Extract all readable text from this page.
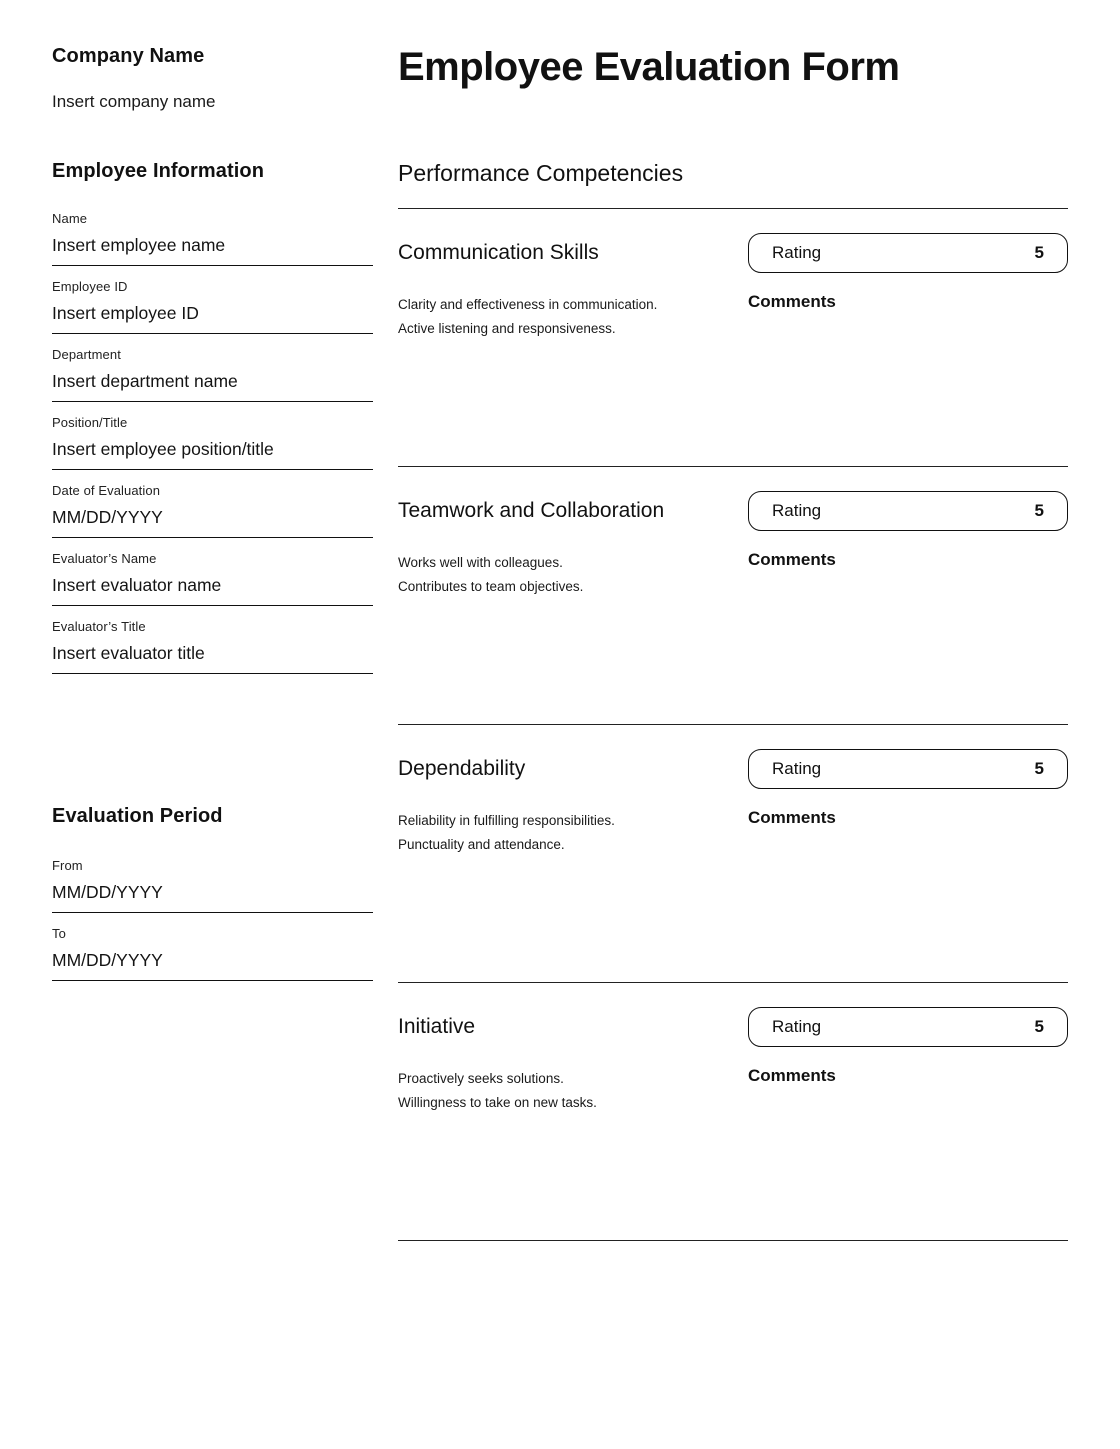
Company Name
Insert company name
Employee Information
Name
Insert employee name
Employee ID
Insert employee ID
Department
Insert department name
Position/Title
Insert employee position/title
Date of Evaluation
MM/DD/YYYY
Evaluator’s Name
Insert evaluator name
Evaluator’s Title
Insert evaluator title
Evaluation Period
From
MM/DD/YYYY
To
MM/DD/YYYY
Employee Evaluation Form
Performance Competencies
Communication Skills
Clarity and effectiveness in communication.
Active listening and responsiveness.
Rating	5
Comments
Teamwork and Collaboration
Works well with colleagues.
Contributes to team objectives.
Rating	5
Comments
Dependability
Reliability in fulfilling responsibilities.
Punctuality and attendance.
Rating	5
Comments
Initiative
Proactively seeks solutions.
Willingness to take on new tasks.
Rating	5
Comments
